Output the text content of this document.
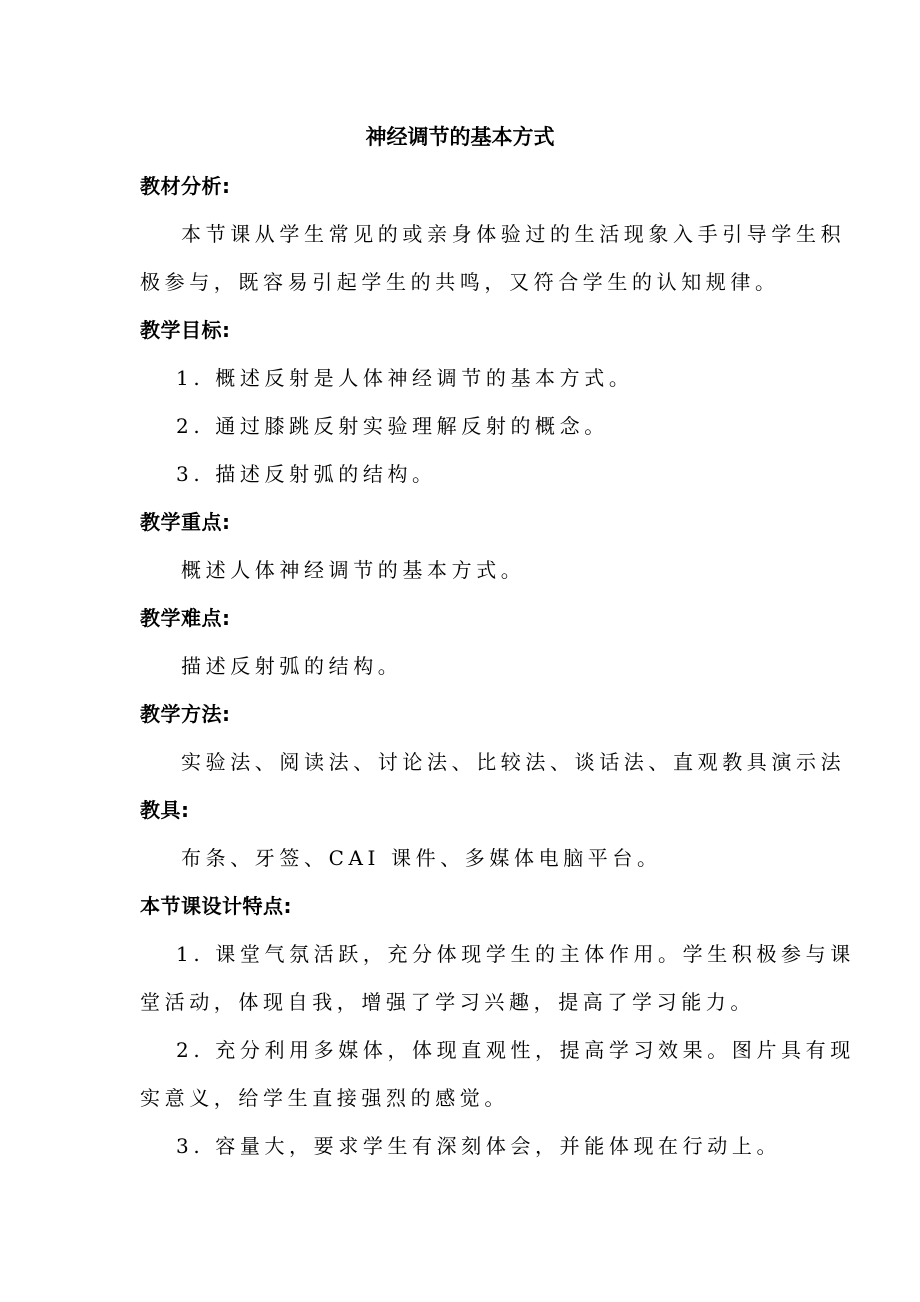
神经调节的基本方式
教材分析:
本节课从学生常见的或亲身体验过的生活现象入手引导学生积
极参与，既容易引起学生的共鸣，又符合学生的认知规律。
教学目标:
1. 概述反射是人体神经调节的基本方式。
2. 通过膝跳反射实验理解反射的概念。
3. 描述反射弧的结构。
教学重点:
概述人体神经调节的基本方式。
教学难点:
描述反射弧的结构。
教学方法:
实验法、阅读法、讨论法、比较法、谈话法、直观教具演示法
教具:
布条、牙签、CAI 课件、多媒体电脑平台。
本节课设计特点:
1. 课堂气氛活跃，充分体现学生的主体作用。学生积极参与课
堂活动，体现自我，增强了学习兴趣，提高了学习能力。
2. 充分利用多媒体，体现直观性，提高学习效果。图片具有现
实意义，给学生直接强烈的感觉。
3. 容量大，要求学生有深刻体会，并能体现在行动上。
